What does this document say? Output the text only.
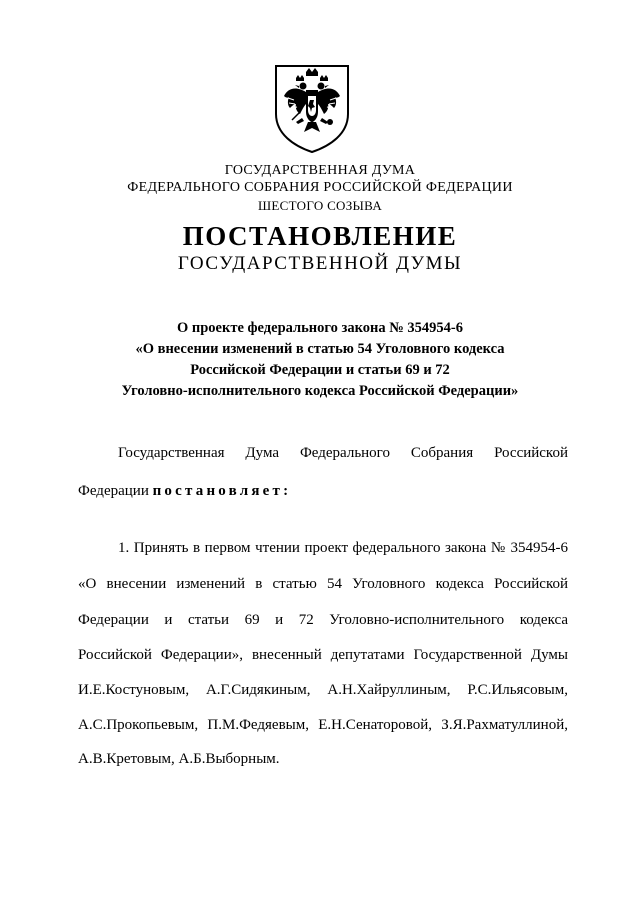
ГОСУДАРСТВЕННАЯ ДУМА
ФЕДЕРАЛЬНОГО СОБРАНИЯ РОССИЙСКОЙ ФЕДЕРАЦИИ
ШЕСТОГО СОЗЫВА
ПОСТАНОВЛЕНИЕ
ГОСУДАРСТВЕННОЙ ДУМЫ
О проекте федерального закона № 354954-6
«О внесении изменений в статью 54 Уголовного кодекса
Российской Федерации и статьи 69 и 72
Уголовно-исполнительного кодекса Российской Федерации»
Государственная Дума Федерального Собрания Российской
Федерации постановляет:
1. Принять в первом чтении проект федерального закона № 354954-6
«О внесении изменений в статью 54 Уголовного кодекса Российской
Федерации и статьи 69 и 72 Уголовно-исполнительного кодекса
Российской Федерации», внесенный депутатами Государственной Думы
И.Е.Костуновым, А.Г.Сидякиным, А.Н.Хайруллиным, Р.С.Ильясовым,
А.С.Прокопьевым, П.М.Федяевым, Е.Н.Сенаторовой, З.Я.Рахматуллиной,
А.В.Кретовым, А.Б.Выборным.
